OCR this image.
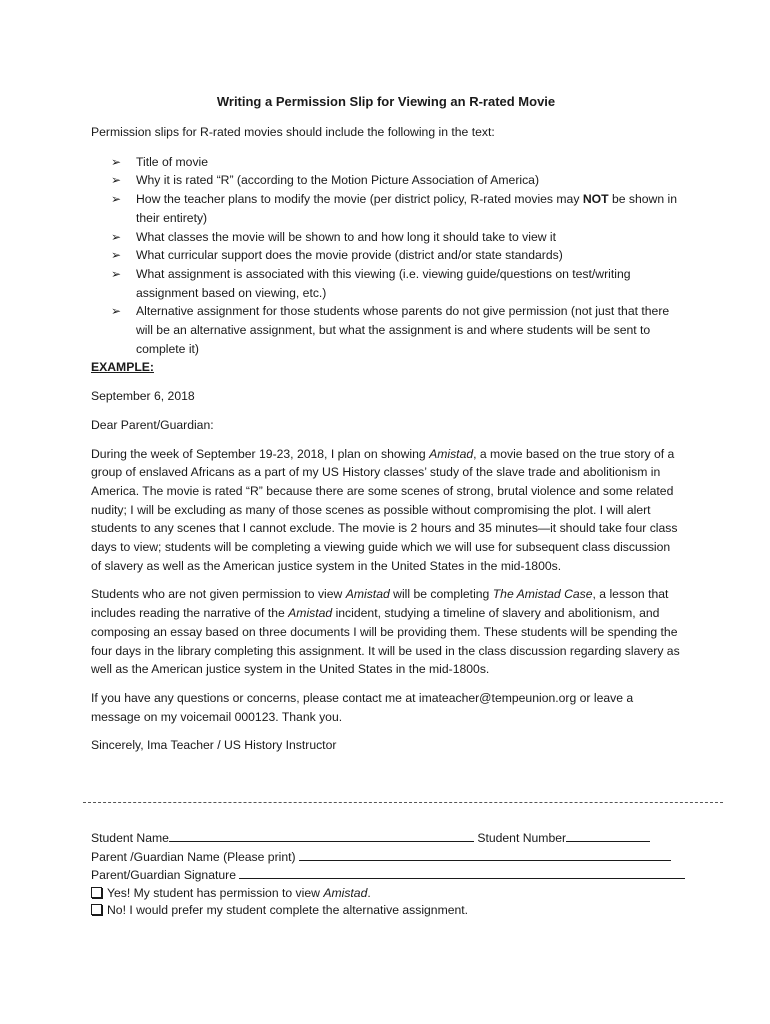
Writing a Permission Slip for Viewing an R-rated Movie
Permission slips for R-rated movies should include the following in the text:
➢ Title of movie
➢ Why it is rated “R” (according to the Motion Picture Association of America)
➢ How the teacher plans to modify the movie (per district policy, R-rated movies may NOT be shown in their entirety)
➢ What classes the movie will be shown to and how long it should take to view it
➢ What curricular support does the movie provide (district and/or state standards)
➢ What assignment is associated with this viewing (i.e. viewing guide/questions on test/writing assignment based on viewing, etc.)
➢ Alternative assignment for those students whose parents do not give permission (not just that there will be an alternative assignment, but what the assignment is and where students will be sent to complete it)
EXAMPLE:

September 6, 2018

Dear Parent/Guardian:

During the week of September 19-23, 2018, I plan on showing Amistad, a movie based on the true story of a group of enslaved Africans as a part of my US History classes’ study of the slave trade and abolitionism in America. The movie is rated “R” because there are some scenes of strong, brutal violence and some related nudity; I will be excluding as many of those scenes as possible without compromising the plot. I will alert students to any scenes that I cannot exclude. The movie is 2 hours and 35 minutes—it should take four class days to view; students will be completing a viewing guide which we will use for subsequent class discussion of slavery as well as the American justice system in the United States in the mid-1800s.

Students who are not given permission to view Amistad will be completing The Amistad Case, a lesson that includes reading the narrative of the Amistad incident, studying a timeline of slavery and abolitionism, and composing an essay based on three documents I will be providing them. These students will be spending the four days in the library completing this assignment. It will be used in the class discussion regarding slavery as well as the American justice system in the United States in the mid-1800s.

If you have any questions or concerns, please contact me at imateacher@tempeunion.org or leave a message on my voicemail 000123. Thank you.

Sincerely, Ima Teacher / US History Instructor

Student Name	Student Number
Parent /Guardian Name (Please print)
Parent/Guardian Signature
Yes! My student has permission to view Amistad.
No! I would prefer my student complete the alternative assignment.
